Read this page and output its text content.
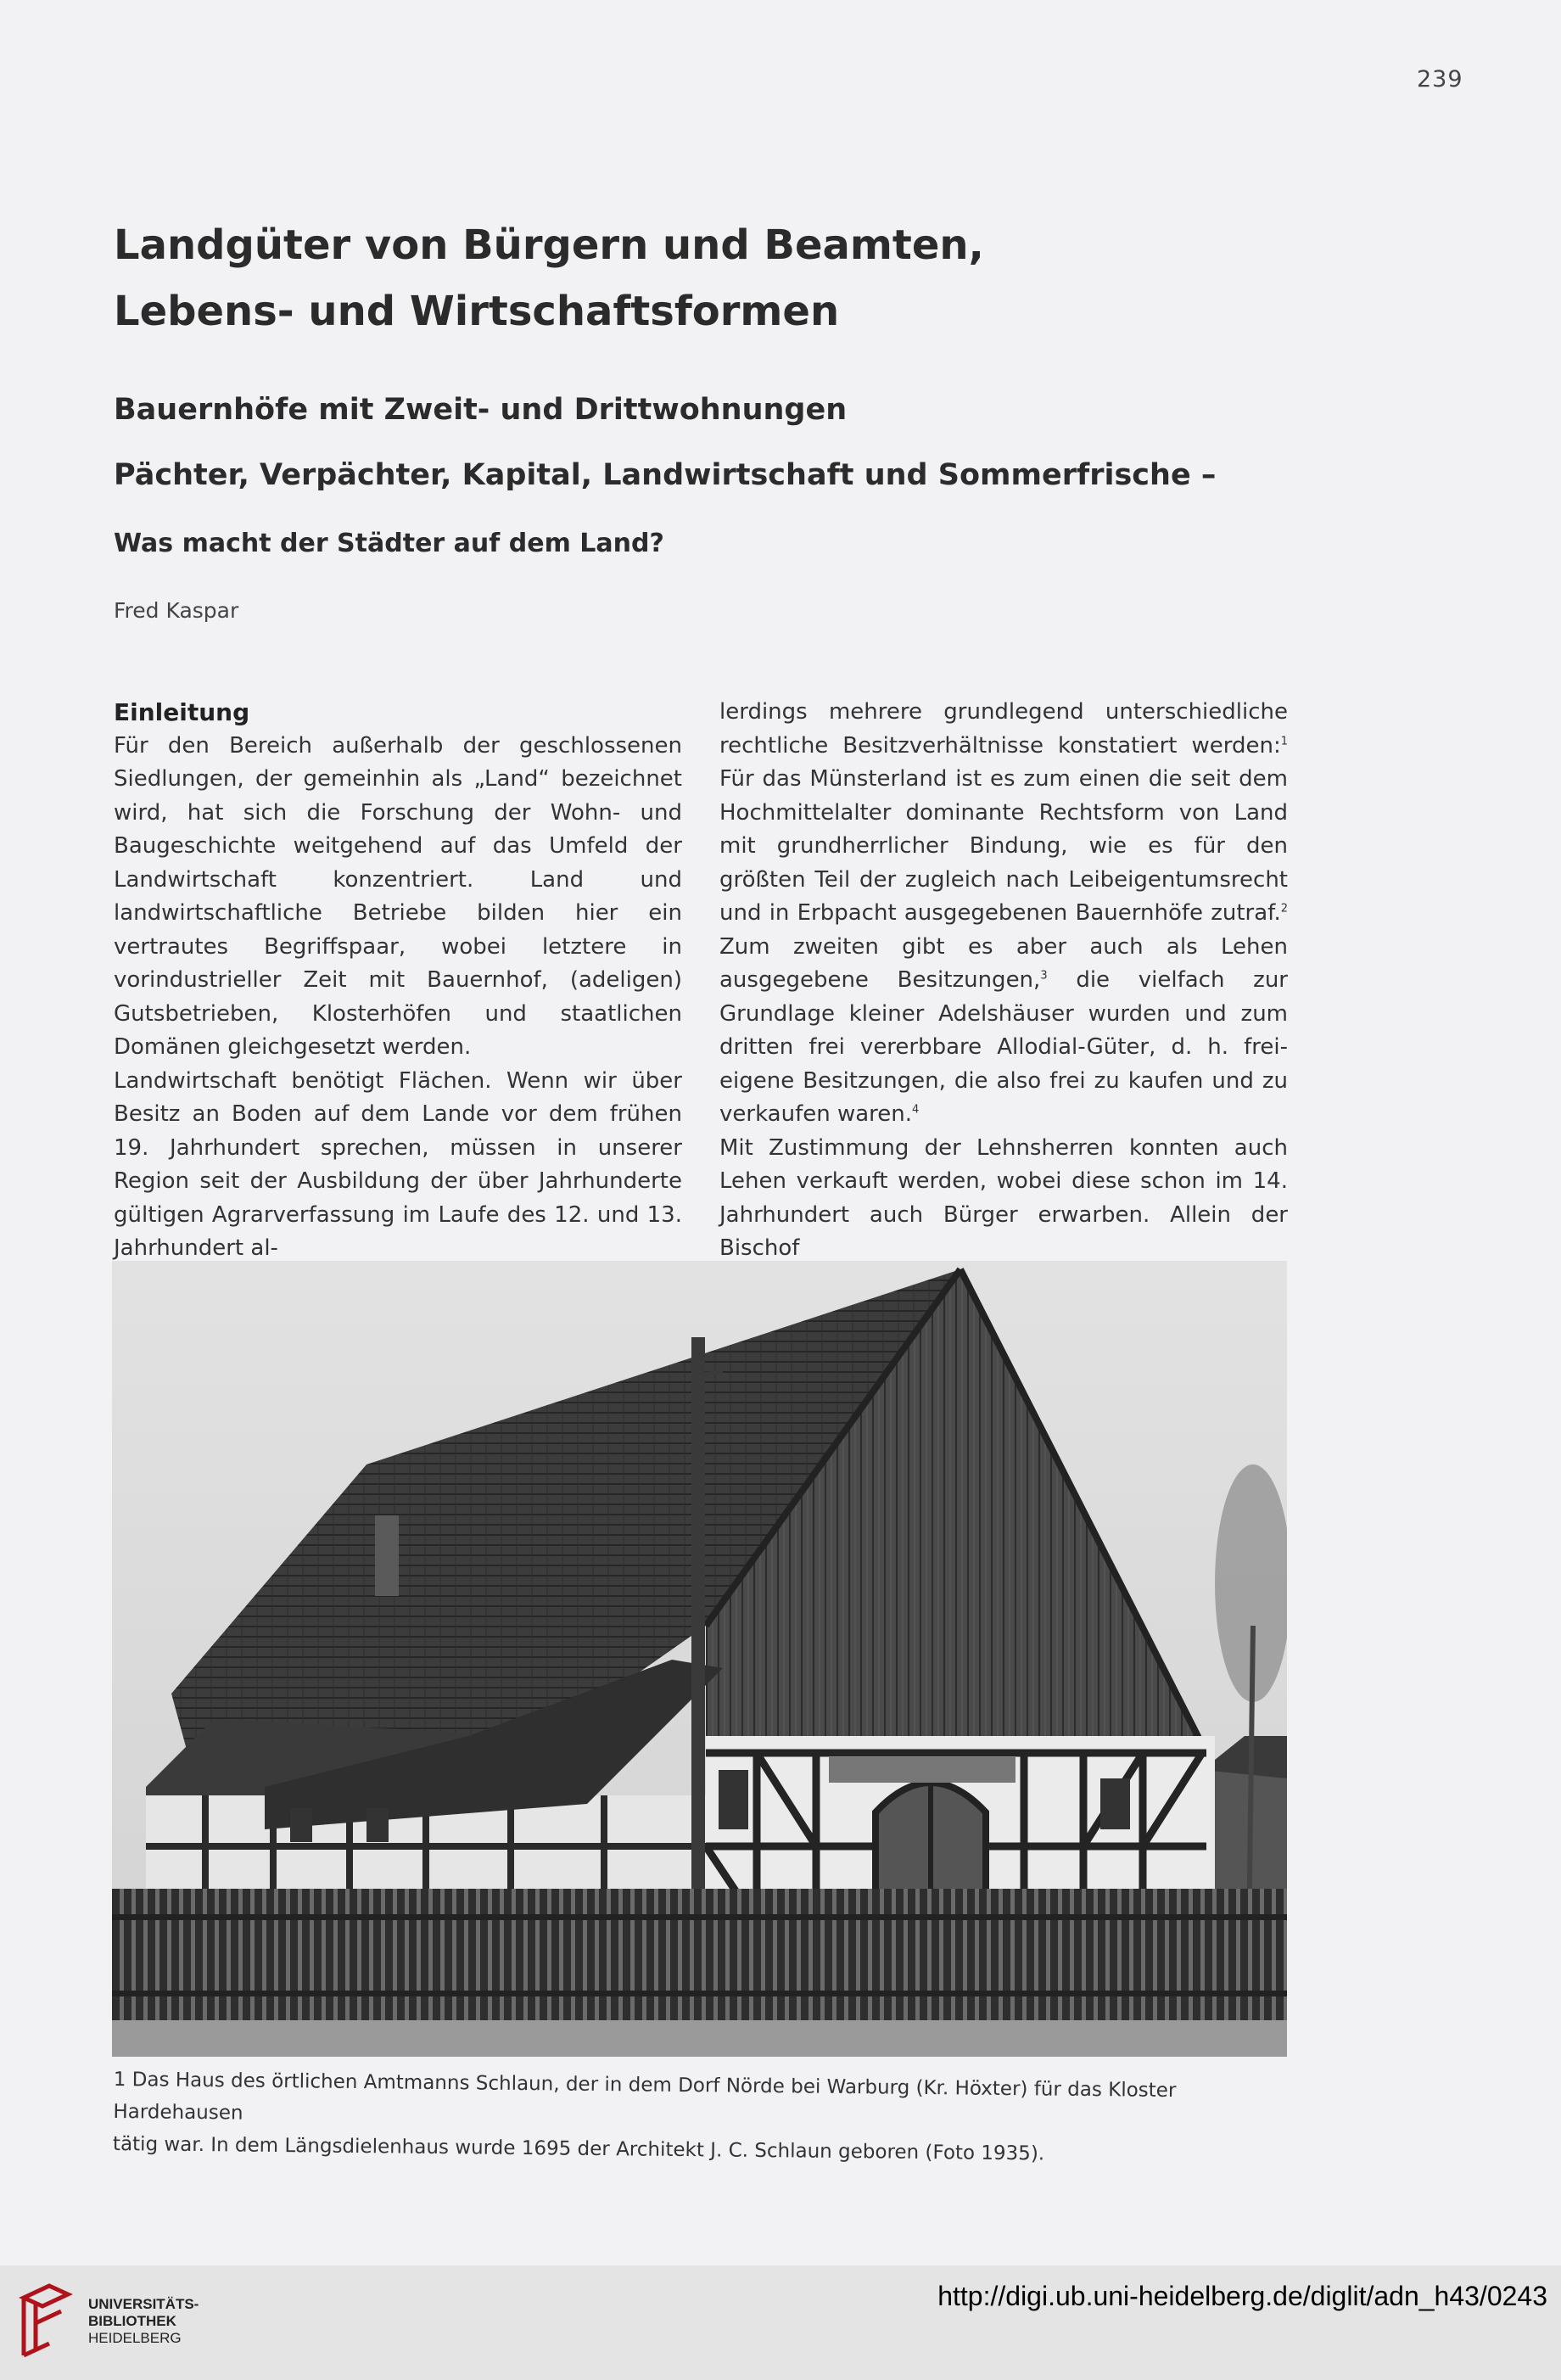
239
Landgüter von Bürgern und Beamten,
Lebens- und Wirtschaftsformen
Bauernhöfe mit Zweit- und Drittwohnungen
Pächter, Verpächter, Kapital, Landwirtschaft und Sommerfrische –
Was macht der Städter auf dem Land?
Fred Kaspar
Einleitung

Für den Bereich außerhalb der geschlossenen Siedlungen, der gemeinhin als „Land“ bezeichnet wird, hat sich die Forschung der Wohn- und Baugeschichte weitgehend auf das Umfeld der Landwirtschaft konzentriert. Land und landwirtschaftliche Betriebe bilden hier ein vertrautes Begriffspaar, wobei letztere in vorindustrieller Zeit mit Bauernhof, (adeligen) Gutsbetrieben, Klosterhöfen und staatlichen Domänen gleichgesetzt werden.

Landwirtschaft benötigt Flächen. Wenn wir über Besitz an Boden auf dem Lande vor dem frühen 19. Jahrhundert sprechen, müssen in unserer Region seit der Ausbildung der über Jahrhunderte gültigen Agrarverfassung im Laufe des 12. und 13. Jahrhundert al-

lerdings mehrere grundlegend unterschiedliche rechtliche Besitzverhältnisse konstatiert werden:$^1$ Für das Münsterland ist es zum einen die seit dem Hochmittelalter dominante Rechtsform von Land mit grundherrlicher Bindung, wie es für den größten Teil der zugleich nach Leibeigentumsrecht und in Erbpacht ausgegebenen Bauernhöfe zutraf.$^2$ Zum zweiten gibt es aber auch als Lehen ausgegebene Besitzungen,$^3$ die vielfach zur Grundlage kleiner Adelshäuser wurden und zum dritten frei vererbbare Allodial-Güter, d. h. frei-eigene Besitzungen, die also frei zu kaufen und zu verkaufen waren.$^4$

Mit Zustimmung der Lehnsherren konnten auch Lehen verkauft werden, wobei diese schon im 14. Jahrhundert auch Bürger erwarben. Allein der Bischof

1 Das Haus des örtlichen Amtmanns Schlaun, der in dem Dorf Nörde bei Warburg (Kr. Höxter) für das Kloster Hardehausen
tätig war. In dem Längsdielenhaus wurde 1695 der Architekt J. C. Schlaun geboren (Foto 1935).
UNIVERSITÄTS-
BIBLIOTHEK
HEIDELBERG
http://digi.ub.uni-heidelberg.de/diglit/adn_h43/0243
